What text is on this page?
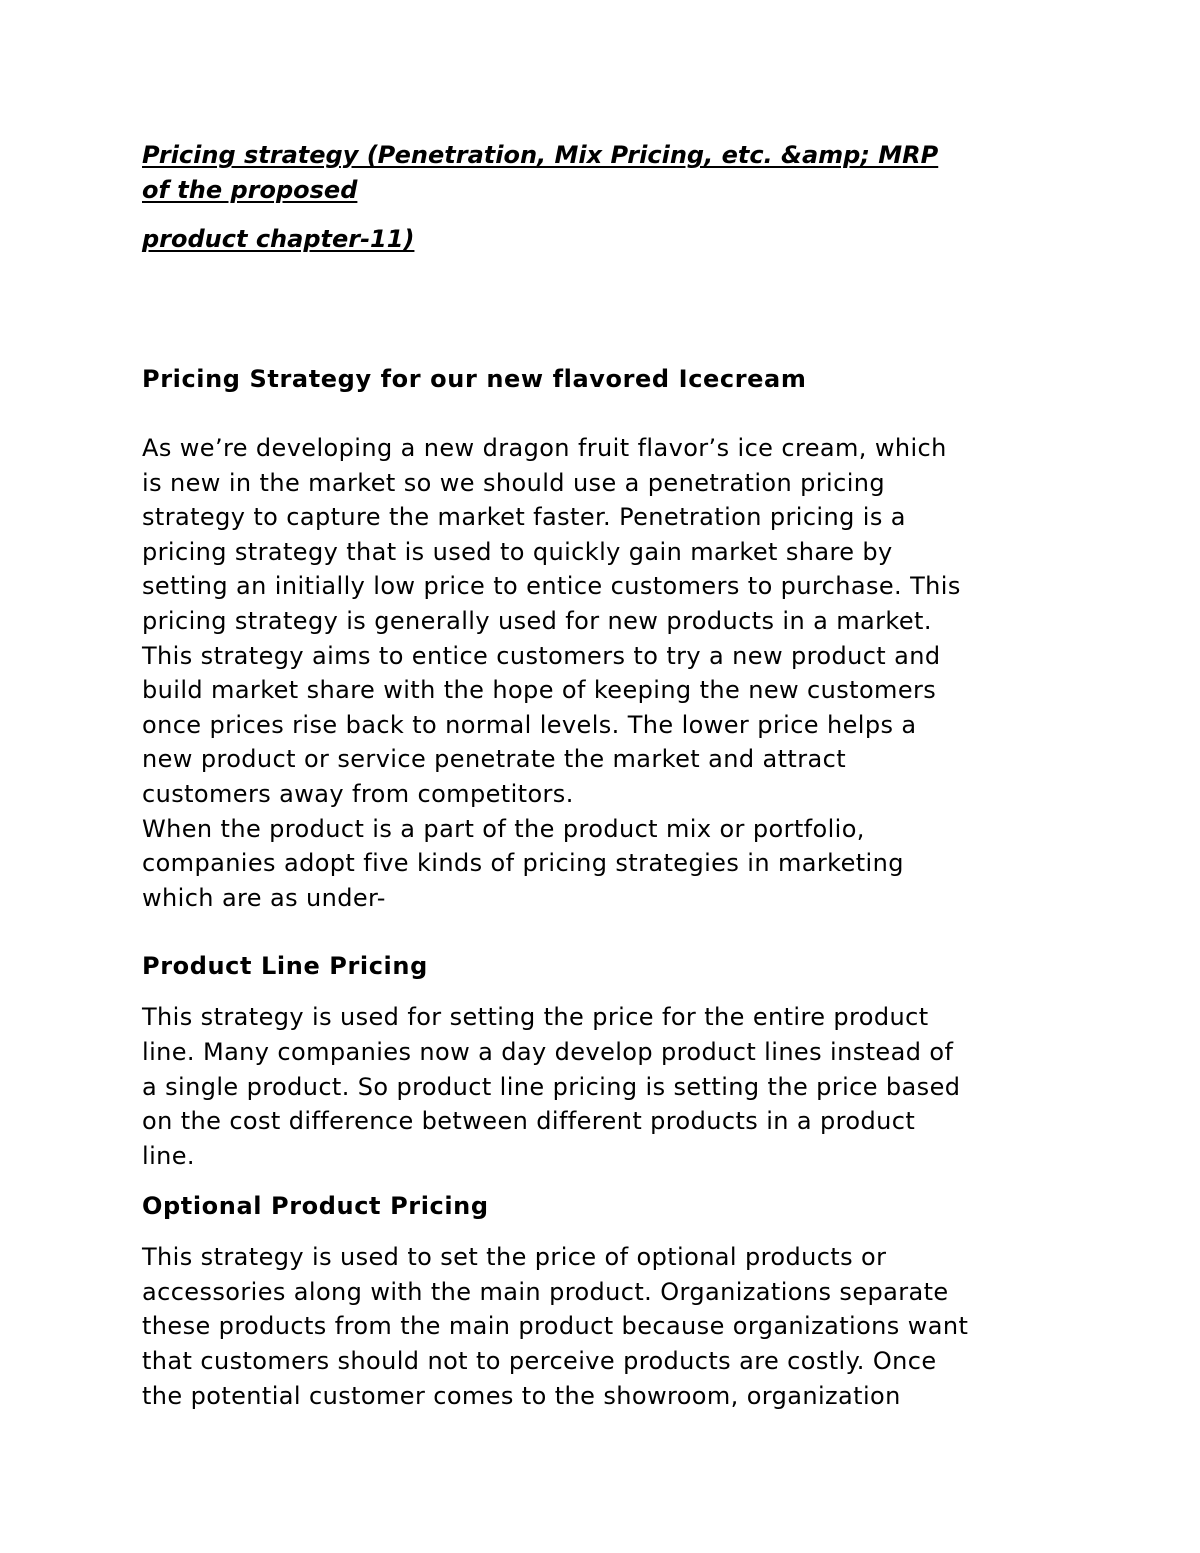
Pricing strategy (Penetration, Mix Pricing, etc. &amp; MRP
of the proposed
product chapter-11)
Pricing Strategy for our new flavored Icecream
As we’re developing a new dragon fruit flavor’s ice cream, which
is new in the market so we should use a penetration pricing
strategy to capture the market faster. Penetration pricing is a
pricing strategy that is used to quickly gain market share by
setting an initially low price to entice customers to purchase. This
pricing strategy is generally used for new products in a market.
This strategy aims to entice customers to try a new product and
build market share with the hope of keeping the new customers
once prices rise back to normal levels. The lower price helps a
new product or service penetrate the market and attract
customers away from competitors.
When the product is a part of the product mix or portfolio,
companies adopt five kinds of pricing strategies in marketing
which are as under-
Product Line Pricing
This strategy is used for setting the price for the entire product
line. Many companies now a day develop product lines instead of
a single product. So product line pricing is setting the price based
on the cost difference between different products in a product
line.
Optional Product Pricing
This strategy is used to set the price of optional products or
accessories along with the main product. Organizations separate
these products from the main product because organizations want
that customers should not to perceive products are costly. Once
the potential customer comes to the showroom, organization
